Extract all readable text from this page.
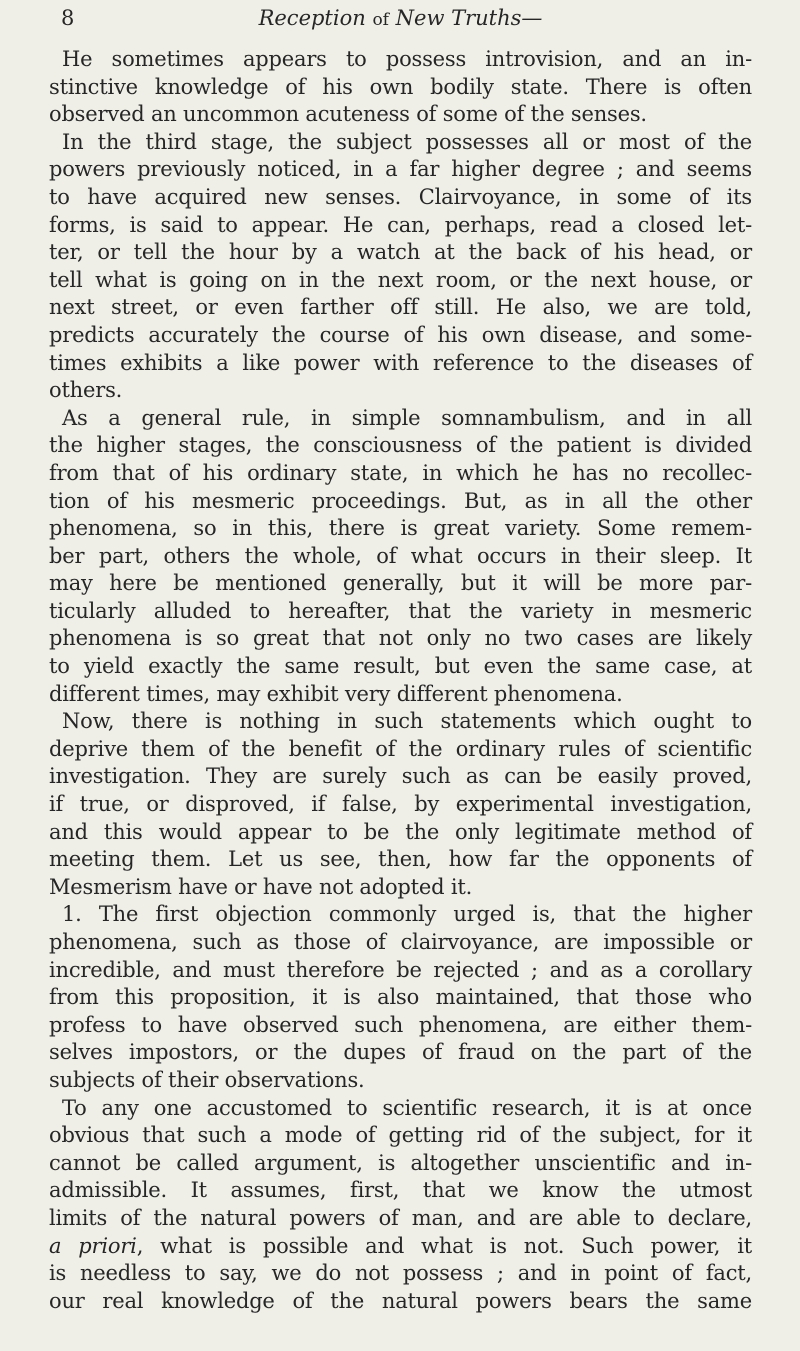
8	Reception of New Truths—
He sometimes appears to possess introvision, and an in-
stinctive knowledge of his own bodily state. There is often
observed an uncommon acuteness of some of the senses.
In the third stage, the subject possesses all or most of the
powers previously noticed, in a far higher degree ; and seems
to have acquired new senses. Clairvoyance, in some of its
forms, is said to appear. He can, perhaps, read a closed let-
ter, or tell the hour by a watch at the back of his head, or
tell what is going on in the next room, or the next house, or
next street, or even farther off still. He also, we are told,
predicts accurately the course of his own disease, and some-
times exhibits a like power with reference to the diseases of
others.
As a general rule, in simple somnambulism, and in all
the higher stages, the consciousness of the patient is divided
from that of his ordinary state, in which he has no recollec-
tion of his mesmeric proceedings. But, as in all the other
phenomena, so in this, there is great variety. Some remem-
ber part, others the whole, of what occurs in their sleep. It
may here be mentioned generally, but it will be more par-
ticularly alluded to hereafter, that the variety in mesmeric
phenomena is so great that not only no two cases are likely
to yield exactly the same result, but even the same case, at
different times, may exhibit very different phenomena.
Now, there is nothing in such statements which ought to
deprive them of the benefit of the ordinary rules of scientific
investigation. They are surely such as can be easily proved,
if true, or disproved, if false, by experimental investigation,
and this would appear to be the only legitimate method of
meeting them. Let us see, then, how far the opponents of
Mesmerism have or have not adopted it.
1. The first objection commonly urged is, that the higher
phenomena, such as those of clairvoyance, are impossible or
incredible, and must therefore be rejected ; and as a corollary
from this proposition, it is also maintained, that those who
profess to have observed such phenomena, are either them-
selves impostors, or the dupes of fraud on the part of the
subjects of their observations.
To any one accustomed to scientific research, it is at once
obvious that such a mode of getting rid of the subject, for it
cannot be called argument, is altogether unscientific and in-
admissible. It assumes, first, that we know the utmost
limits of the natural powers of man, and are able to declare,
a priori, what is possible and what is not. Such power, it
is needless to say, we do not possess ; and in point of fact,
our real knowledge of the natural powers bears the same
